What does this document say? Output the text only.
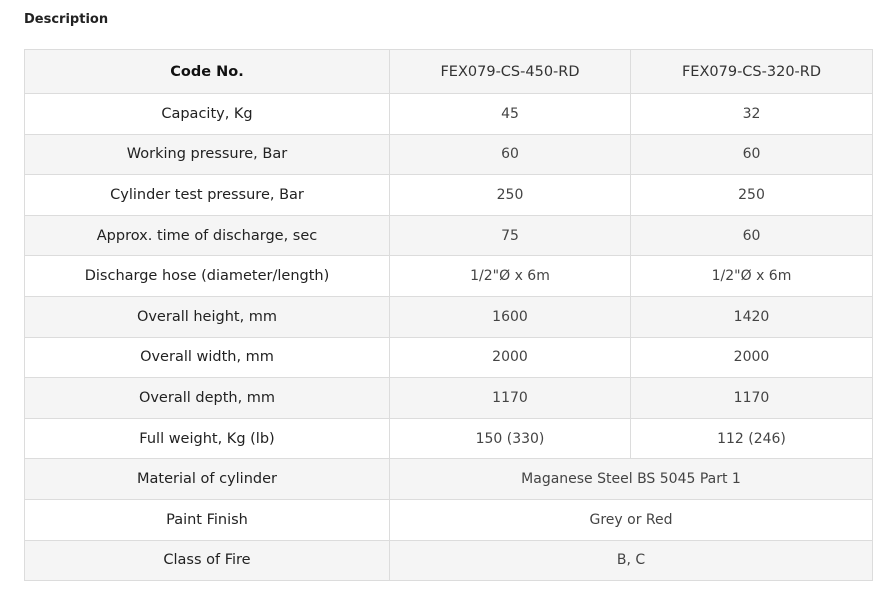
Description
Code No.	FEX079-CS-450-RD	FEX079-CS-320-RD
Capacity, Kg	45	32
Working pressure, Bar	60	60
Cylinder test pressure, Bar	250	250
Approx. time of discharge, sec	75	60
Discharge hose (diameter/length)	1/2"Ø x 6m	1/2"Ø x 6m
Overall height, mm	1600	1420
Overall width, mm	2000	2000
Overall depth, mm	1170	1170
Full weight, Kg (lb)	150 (330)	112 (246)
Material of cylinder	Maganese Steel BS 5045 Part 1	
Paint Finish	Grey or Red	
Class of Fire	B, C	
